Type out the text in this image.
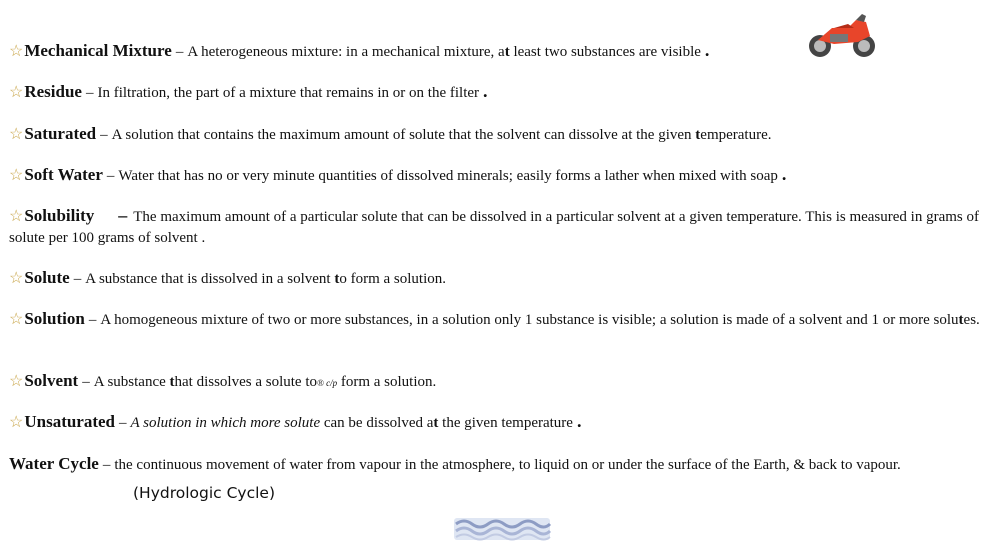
☆Mechanical Mixture – A heterogeneous mixture: in a mechanical mixture, at least two substances are visible .
☆Residue – In filtration, the part of a mixture that remains in or on the filter .
☆Saturated – A solution that contains the maximum amount of solute that the solvent can dissolve at the given temperature.
☆Soft Water – Water that has no or very minute quantities of dissolved minerals; easily forms a lather when mixed with soap .
☆Solubility – The maximum amount of a particular solute that can be dissolved in a particular solvent at a given temperature. This is measured in grams of solute per 100 grams of solvent .
☆Solute – A substance that is dissolved in a solvent to form a solution.
☆Solution – A homogeneous mixture of two or more substances, in a solution only 1 substance is visible; a solution is made of a solvent and 1 or more solutes.
☆Solvent – A substance that dissolves a solute to® c/p form a solution.
☆Unsaturated – A solution in which more solute can be dissolved at the given temperature .
Water Cycle – the continuous movement of water from vapour in the atmosphere, to liquid on or under the surface of the Earth, & back to vapour.
(Hydrologic Cycle)
